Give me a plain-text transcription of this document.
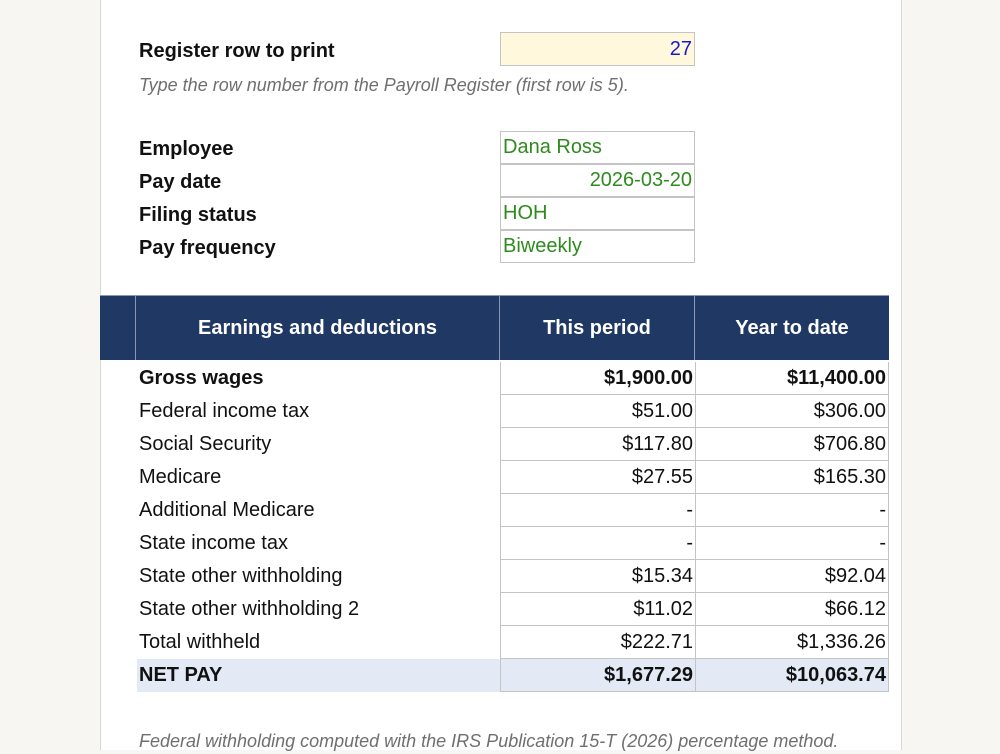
Register row to print	27
Type the row number from the Payroll Register (first row is 5).
Employee	Dana Ross
Pay date	2026-03-20
Filing status	HOH
Pay frequency	Biweekly
Earnings and deductions	This period	Year to date
Gross wages	$1,900.00	$11,400.00
Federal income tax	$51.00	$306.00
Social Security	$117.80	$706.80
Medicare	$27.55	$165.30
Additional Medicare	-	-
State income tax	-	-
State other withholding	$15.34	$92.04
State other withholding 2	$11.02	$66.12
Total withheld	$222.71	$1,336.26
NET PAY	$1,677.29	$10,063.74
Federal withholding computed with the IRS Publication 15-T (2026) percentage method.
